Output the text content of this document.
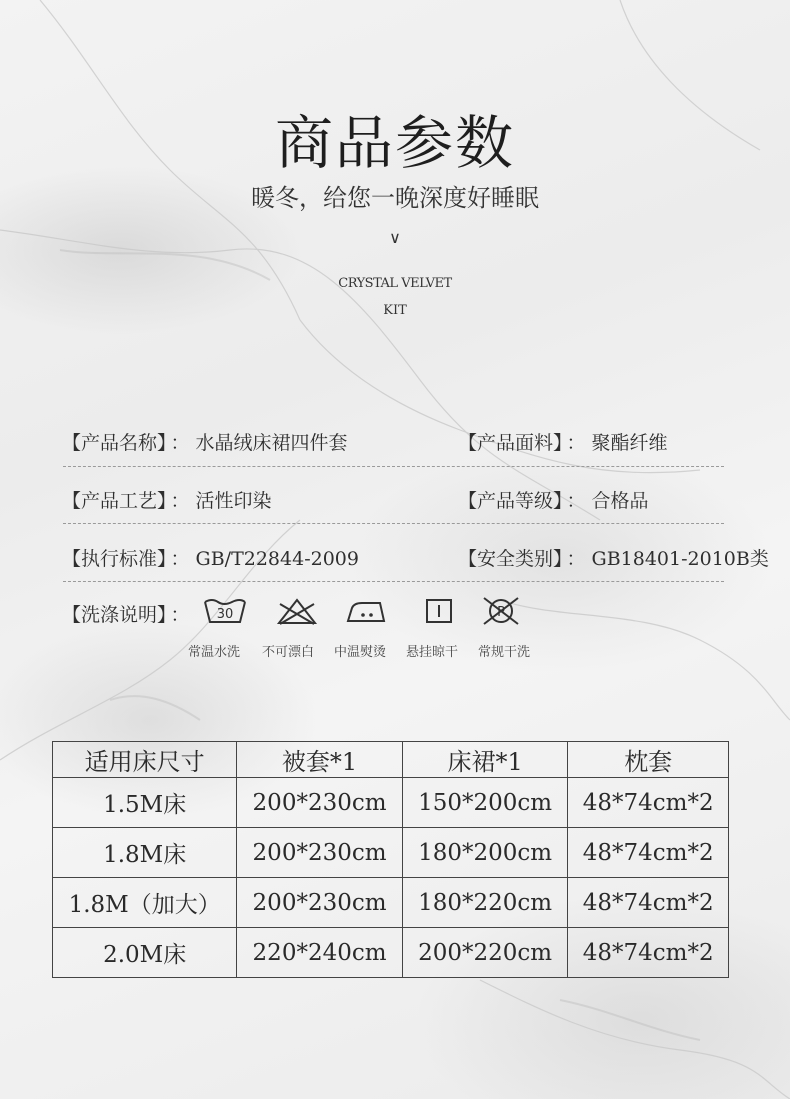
商品参数
暖冬，给您一晚深度好睡眠
∨
CRYSTAL VELVET
KIT
【产品名称】 ： 水晶绒床裙四件套	【产品面料】 ： 聚酯纤维
【产品工艺】 ： 活性印染	【产品等级】 ： 合格品
【执行标准】 ： GB/T22844-2009	【安全类别】 ： GB18401-2010B类
【洗涤说明】 ：	30	P
常温水洗 不可漂白 中温熨烫 悬挂晾干 常规干洗
适用床尺寸	被套*1	床裙*1	枕套
1.5M床	200*230cm	150*200cm	48*74cm*2
1.8M床	200*230cm	180*200cm	48*74cm*2
1.8M（加大）	200*230cm	180*220cm	48*74cm*2
2.0M床	220*240cm	200*220cm	48*74cm*2
